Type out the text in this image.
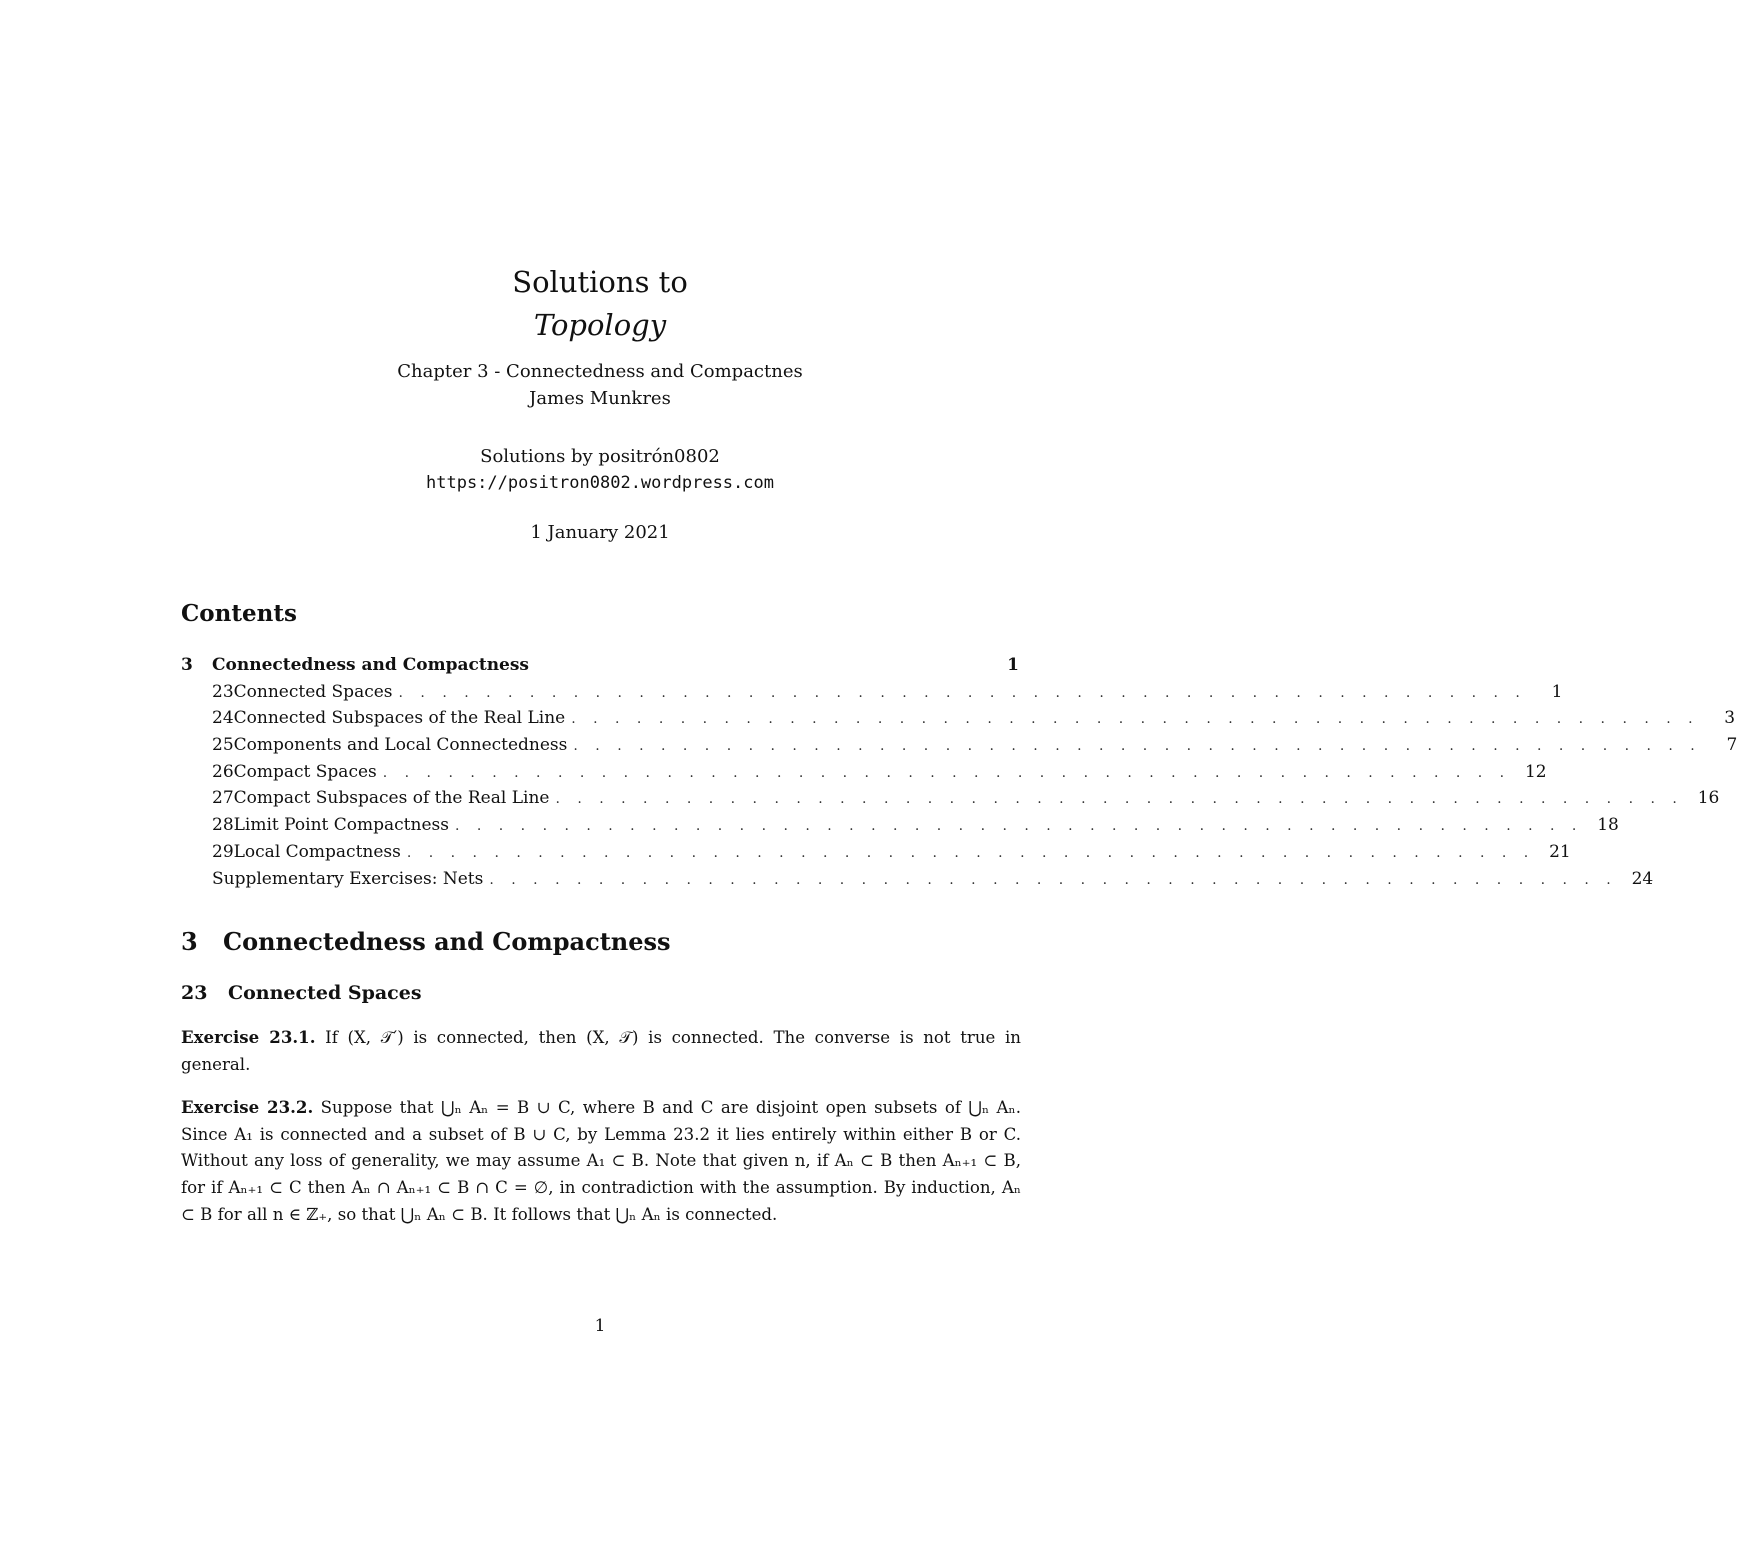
Solutions to
Topology
Chapter 3 - Connectedness and Compactnes
James Munkres
Solutions by positrón0802
https://positron0802.wordpress.com
1 January 2021
Contents
3	Connectedness and Compactness	1
23 Connected Spaces . . . . . . . . . . . . . . . . . . . . . . . . . . . . . . . . . . . . . . . . . . . . . . . . . . . .	1
24 Connected Subspaces of the Real Line . . . . . . . . . . . . . . . . . . . . . . . . . . . . . . . . . . . . . . . . . . . . . . . . . . . .	3
25 Components and Local Connectedness . . . . . . . . . . . . . . . . . . . . . . . . . . . . . . . . . . . . . . . . . . . . . . . . . . . .	7
26 Compact Spaces . . . . . . . . . . . . . . . . . . . . . . . . . . . . . . . . . . . . . . . . . . . . . . . . . . . . 12
27 Compact Subspaces of the Real Line . . . . . . . . . . . . . . . . . . . . . . . . . . . . . . . . . . . . . . . . . . . . . . . . . . . . 16
28 Limit Point Compactness . . . . . . . . . . . . . . . . . . . . . . . . . . . . . . . . . . . . . . . . . . . . . . . . . . . . 18
29 Local Compactness . . . . . . . . . . . . . . . . . . . . . . . . . . . . . . . . . . . . . . . . . . . . . . . . . . . . 21
Supplementary Exercises: Nets . . . . . . . . . . . . . . . . . . . . . . . . . . . . . . . . . . . . . . . . . . . . . . . . . . . . 24
3 Connectedness and Compactness
23 Connected Spaces
Exercise 23.1. If (X, 𝒯′) is connected, then (X, 𝒯) is connected. The converse is not true in general.
Exercise 23.2. Suppose that ⋃ₙ Aₙ = B ∪ C, where B and C are disjoint open subsets of ⋃ₙ Aₙ. Since A₁ is connected and a subset of B ∪ C, by Lemma 23.2 it lies entirely within either B or C. Without any loss of generality, we may assume A₁ ⊂ B. Note that given n, if Aₙ ⊂ B then Aₙ₊₁ ⊂ B, for if Aₙ₊₁ ⊂ C then Aₙ ∩ Aₙ₊₁ ⊂ B ∩ C = ∅, in contradiction with the assumption. By induction, Aₙ ⊂ B for all n ∈ ℤ₊, so that ⋃ₙ Aₙ ⊂ B. It follows that ⋃ₙ Aₙ is connected.
1
